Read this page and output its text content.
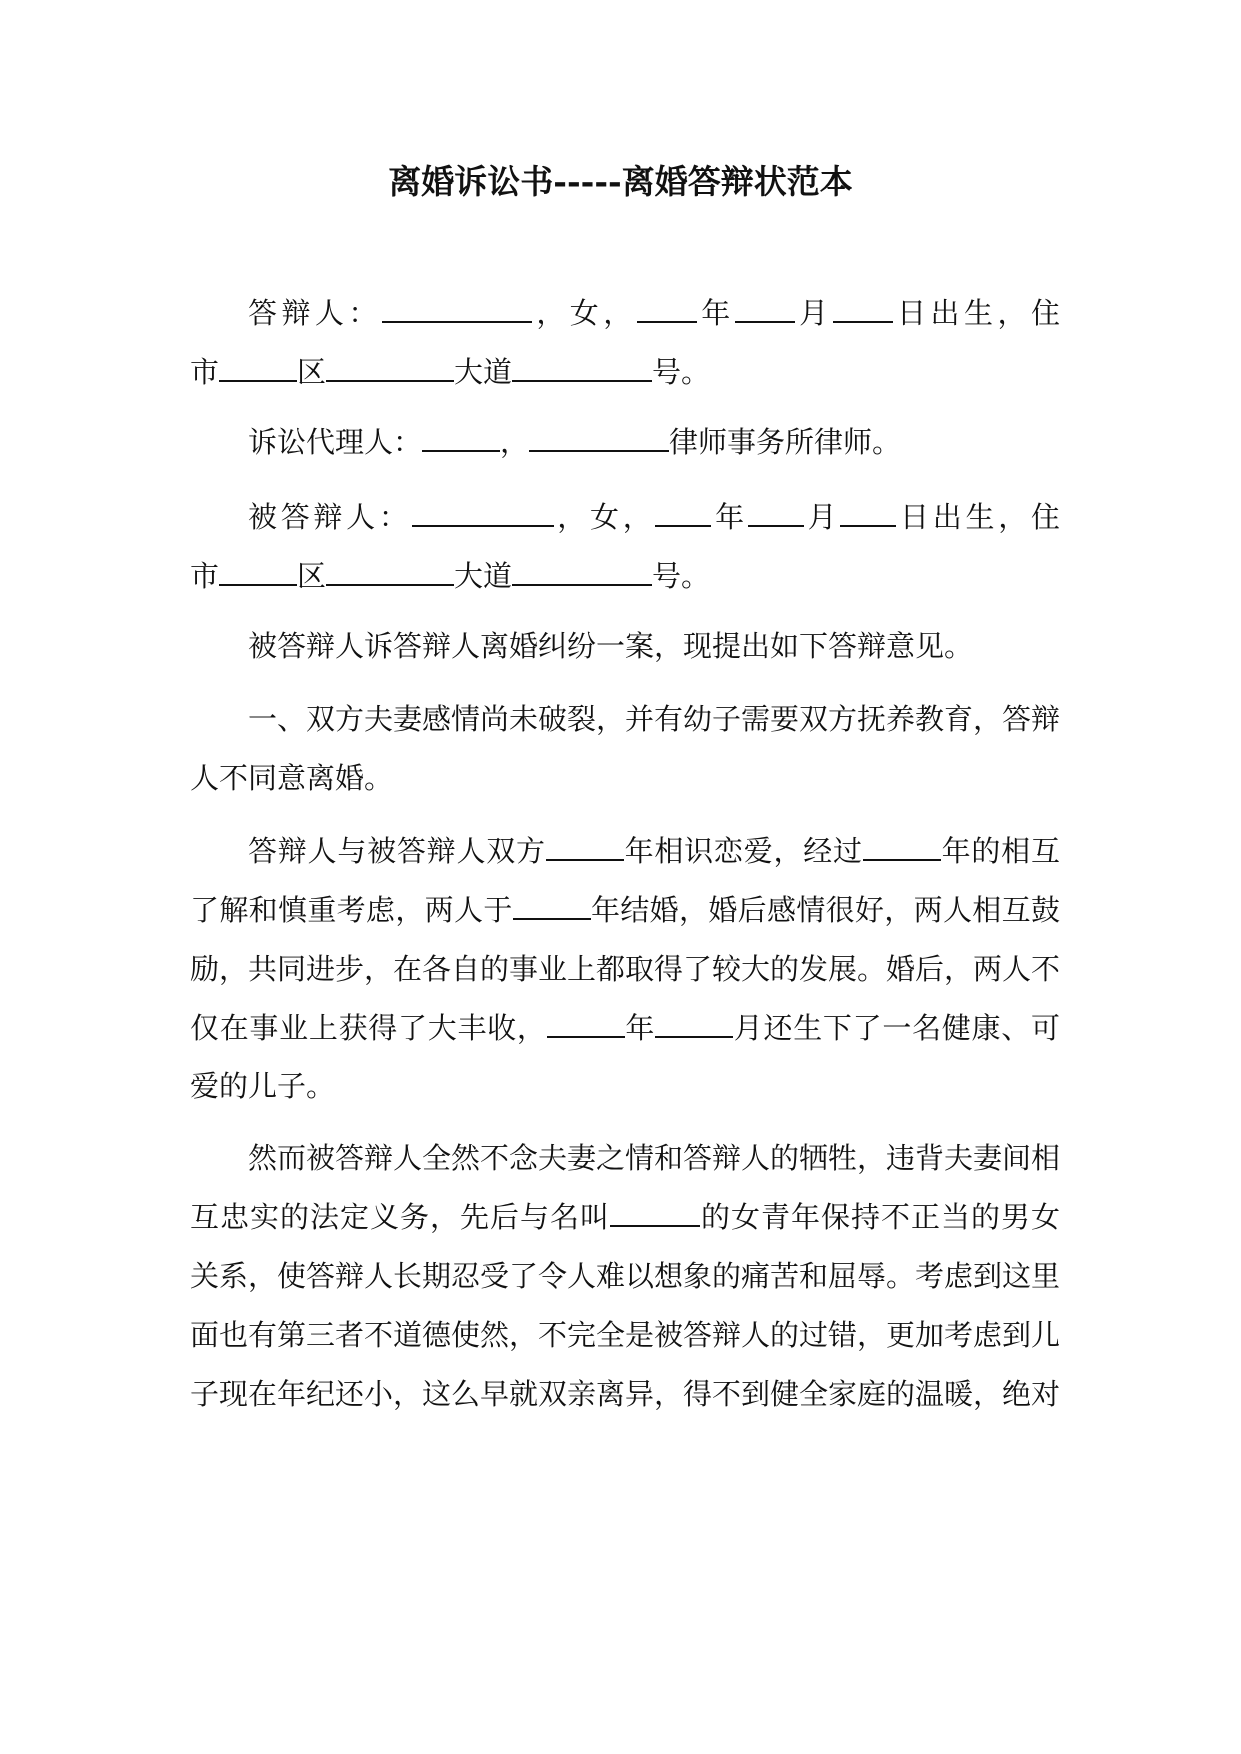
离婚诉讼书-----离婚答辩状范本
答辩人：	，女， 年 月 日出生，住
市	区	大道	号。
诉讼代理人：	，	律师事务所律师。
被答辩人：	，女， 年 月 日出生，住
市	区	大道	号。
被答辩人诉答辩人离婚纠纷一案，现提出如下答辩意见。
一、双方夫妻感情尚未破裂，并有幼子需要双方抚养教育，答辩
人不同意离婚。
答辩人与被答辩人双方	年相识恋爱，经过	年的相互
了解和慎重考虑，两人于	年结婚，婚后感情很好，两人相互鼓
励，共同进步，在各自的事业上都取得了较大的发展。婚后，两人不
仅在事业上获得了大丰收，	年	月还生下了一名健康、可
爱的儿子。
然而被答辩人全然不念夫妻之情和答辩人的牺牲，违背夫妻间相
互忠实的法定义务，先后与名叫	的女青年保持不正当的男女
关系，使答辩人长期忍受了令人难以想象的痛苦和屈辱。考虑到这里
面也有第三者不道德使然，不完全是被答辩人的过错，更加考虑到儿
子现在年纪还小，这么早就双亲离异，得不到健全家庭的温暖，绝对
